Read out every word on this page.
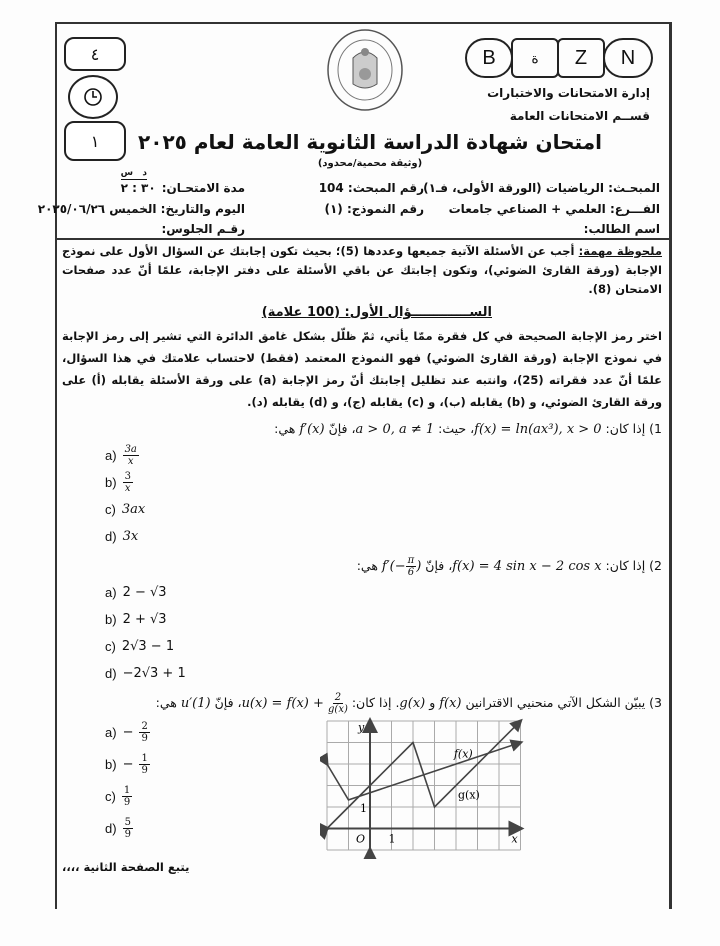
٤
١
B	ة Z N
إدارة الامتحانات والاختبارات
قســم الامتحانات العامة
امتحان شهادة الدراسة الثانوية العامة لعام ٢٠٢٥
(وثيقة محمية/محدود)
المبحـث: الرياضيات (الورقة الأولى، فـ١)
الفـــرع: العلمي + الصناعي جامعات
اسم الطالب:
رقم المبحث: 104
رقم النموذج: (١)
مدة الامتحـان:
د   س
٣٠ : ٢
اليوم والتاريخ: الخميس ٢٠٢٥/٠٦/٢٦
رقـم الجلوس:
ملحوظة مهمة: أجب عن الأسئلة الآتية جميعها وعددها (5)؛ بحيث تكون إجابتك عن السؤال الأول على نموذج الإجابة (ورقة القارئ الضوئي)، وتكون إجابتك عن باقي الأسئلة على دفتر الإجابة، علمًا أنّ عدد صفحات الامتحان (8).
الســـــــــــــؤال الأول: (100 علامة)
اختر رمز الإجابة الصحيحة في كل فقرة ممّا يأتي، ثمّ ظلّل بشكل غامق الدائرة التي تشير إلى رمز الإجابة في نموذج الإجابة (ورقة القارئ الضوئي) فهو النموذج المعتمد (فقط) لاحتساب علامتك في هذا السؤال، علمًا أنّ عدد فقراته (25)، وانتبه عند تظليل إجابتك أنّ رمز الإجابة (a) على ورقة الأسئلة يقابله (أ) على ورقة القارئ الضوئي، و (b) يقابله (ب)، و (c) يقابله (ج)، و (d) يقابله (د).
1) إذا كان: f(x) = ln(ax³), x > 0، حيث: a > 0, a ≠ 1، فإنّ f′(x) هي:
$a) \frac{3a}{x}$
$b) \frac{3}{x}$
c) 3ax
d) 3x
2) إذا كان: f(x) = 4 sin x − 2 cos x، فإنّ
$f'(- \frac{\pi}{6}$ )
هي:
a) 2 − √3
b) 2 + √3
c) 2√3 − 1
d) −2√3 + 1
3) يبيّن الشكل الآتي منحنيي الاقترانين f(x) و g(x). إذا كان:
$u(x) = f(x) + \frac{2}{g(x)}$
، فإنّ u′(1) هي:
$a) - \frac{2}{9}$
$b) - \frac{1}{9}$
$c) \frac{1}{9}$
$d) \frac{5}{9}$
y
x
O 1
1
f(x)
g(x)
يتبع الصفحة الثانية ،،،،
